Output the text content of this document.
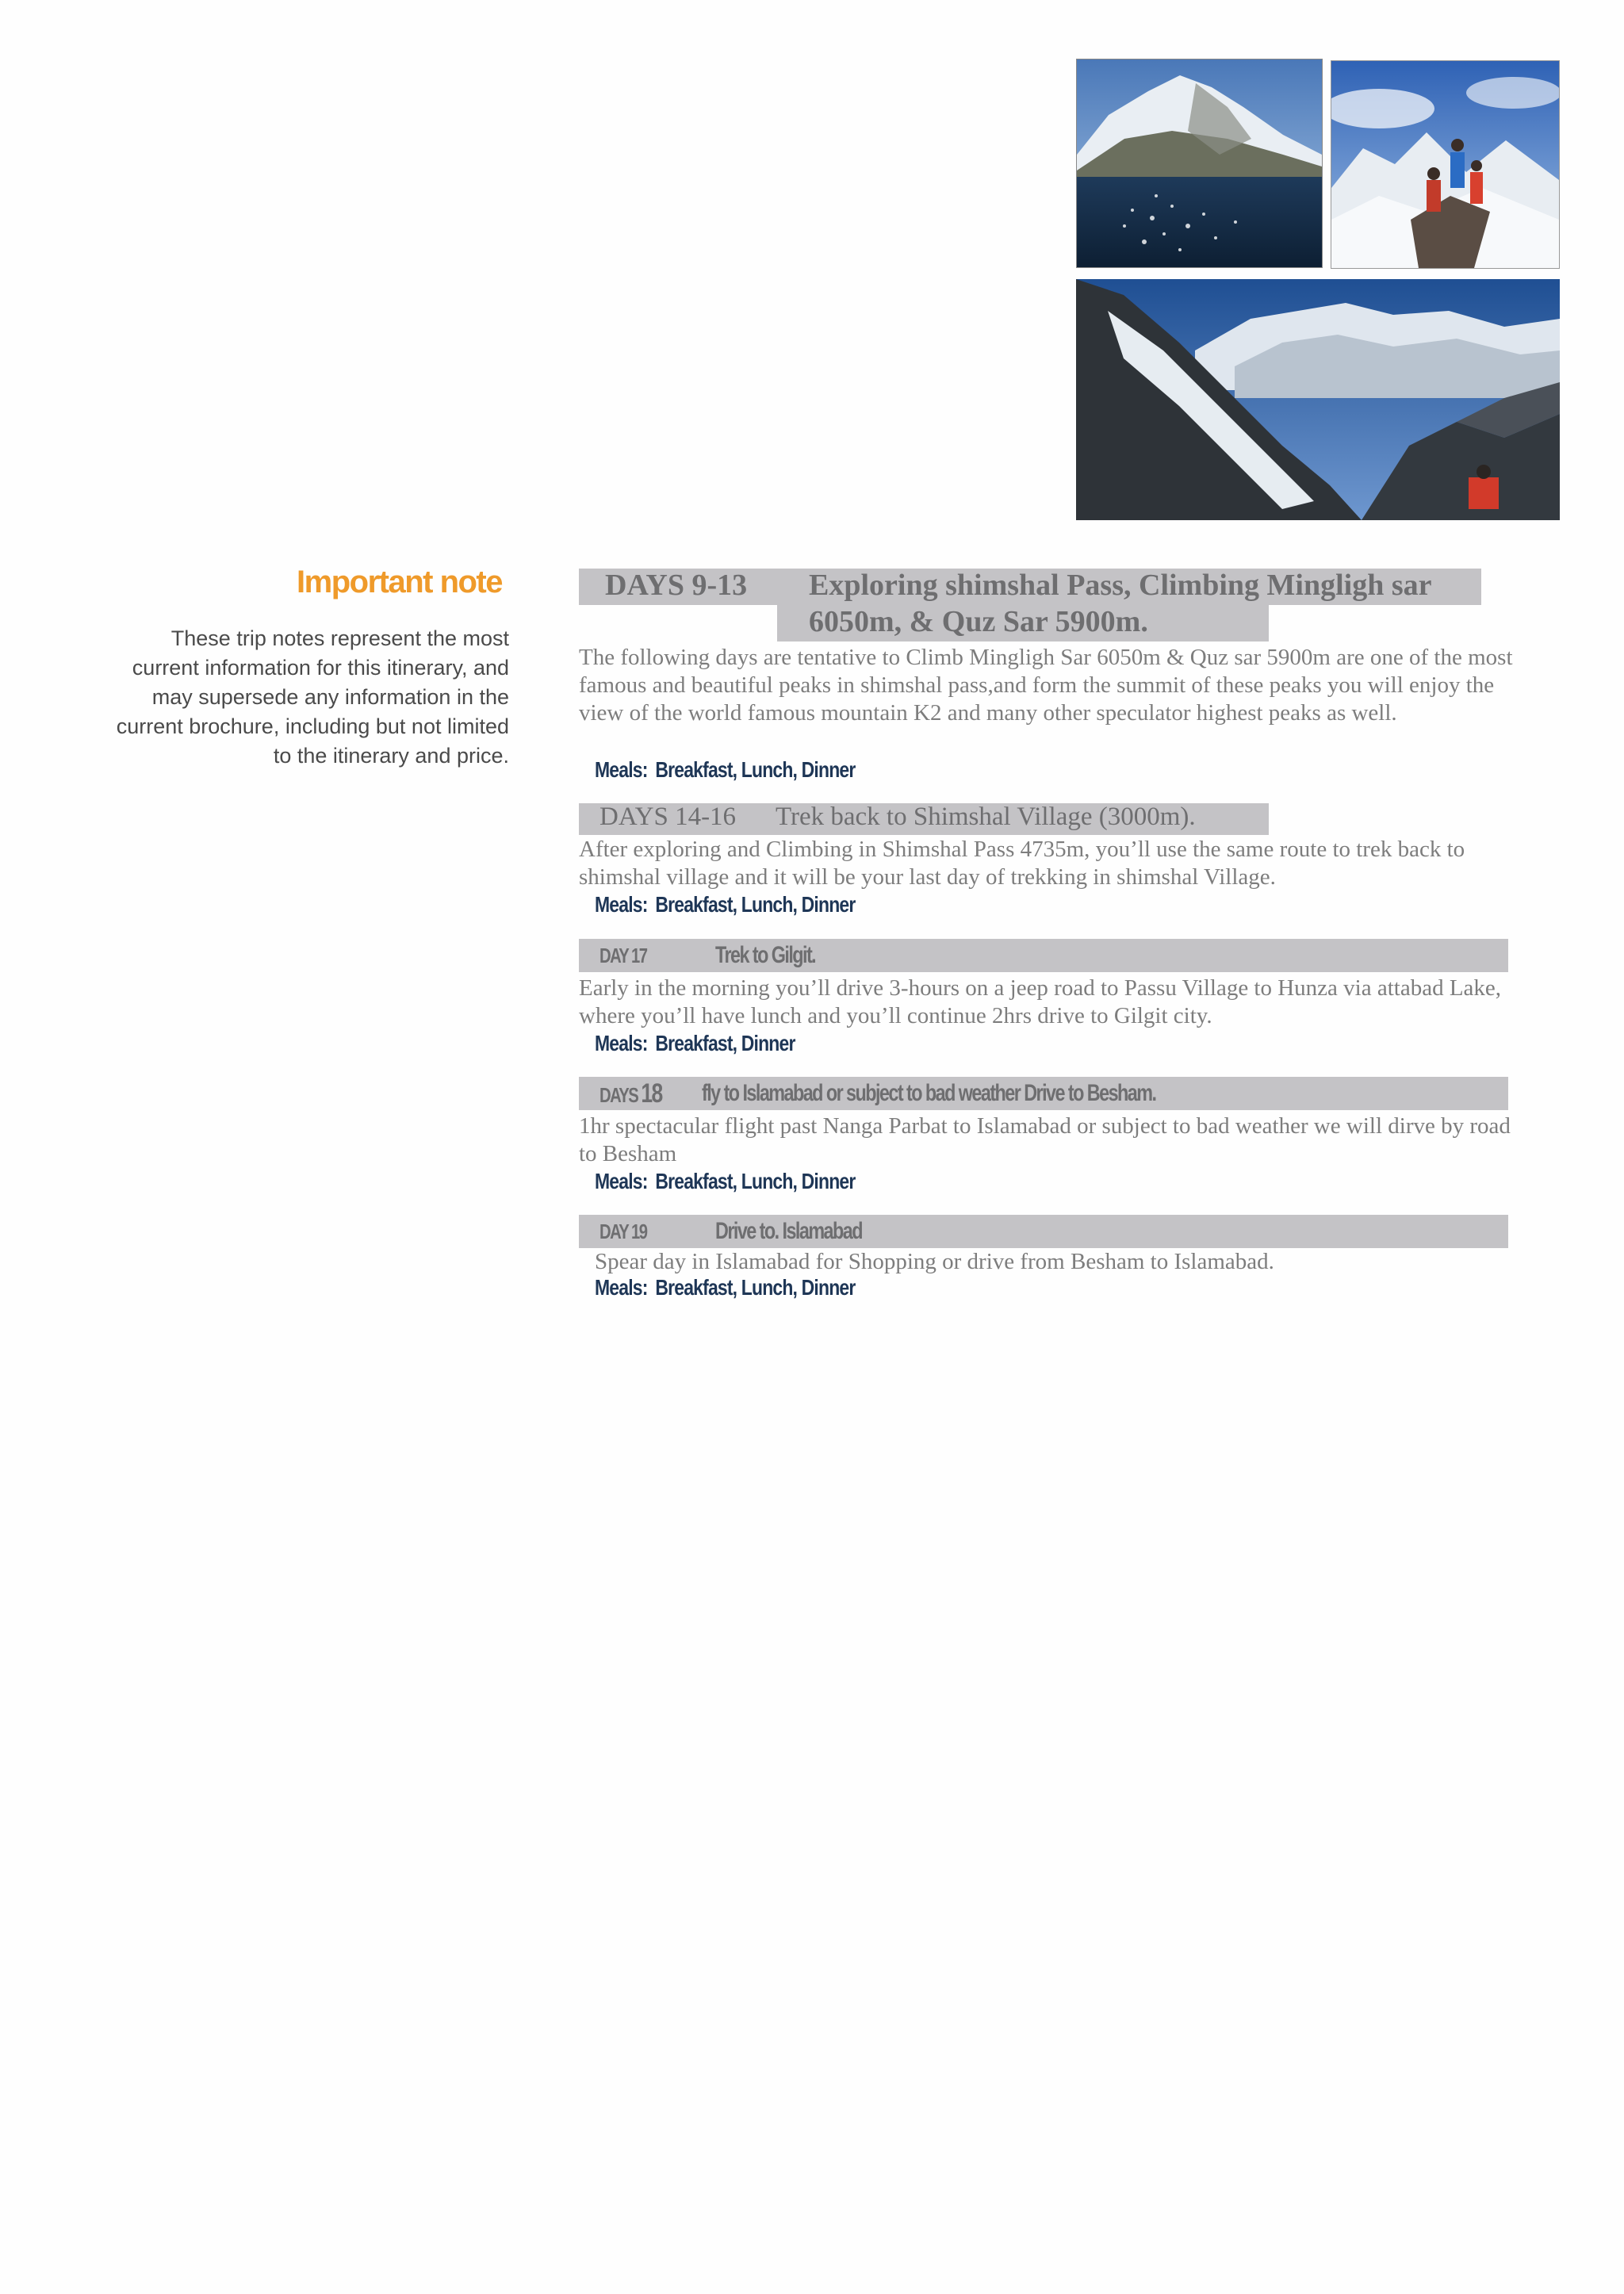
Important note

These trip notes represent the most current information for this itinerary, and may supersede any information in the current brochure, including but not limited to the itinerary and price.

DAYS 9-13 Exploring shimshal Pass, Climbing Mingligh sar
6050m, & Quz Sar 5900m.

The following days are tentative to Climb Mingligh Sar 6050m & Quz sar 5900m are one of the most famous and beautiful peaks in shimshal pass,and form the summit of these peaks you will enjoy the view of the world famous mountain K2 and many other speculator highest peaks as well.

Meals: Breakfast, Lunch, Dinner

DAYS 14-16 Trek back to Shimshal Village (3000m).

After exploring and Climbing in Shimshal Pass 4735m, you’ll use the same route to trek back to shimshal village and it will be your last day of trekking in shimshal Village.

Meals: Breakfast, Lunch, Dinner

DAY 17	Trek to Gilgit.

Early in the morning you’ll drive 3-hours on a jeep road to Passu Village to Hunza via attabad Lake, where you’ll have lunch and you’ll continue 2hrs drive to Gilgit city.

Meals: Breakfast, Dinner

DAYS 18 fly to Islamabad or subject to bad weather Drive to Besham.

1hr spectacular flight past Nanga Parbat to Islamabad or subject to bad weather we will dirve by road to Besham

Meals: Breakfast, Lunch, Dinner

DAY 19	Drive to. Islamabad

Spear day in Islamabad for Shopping or drive from Besham to Islamabad.

Meals: Breakfast, Lunch, Dinner
